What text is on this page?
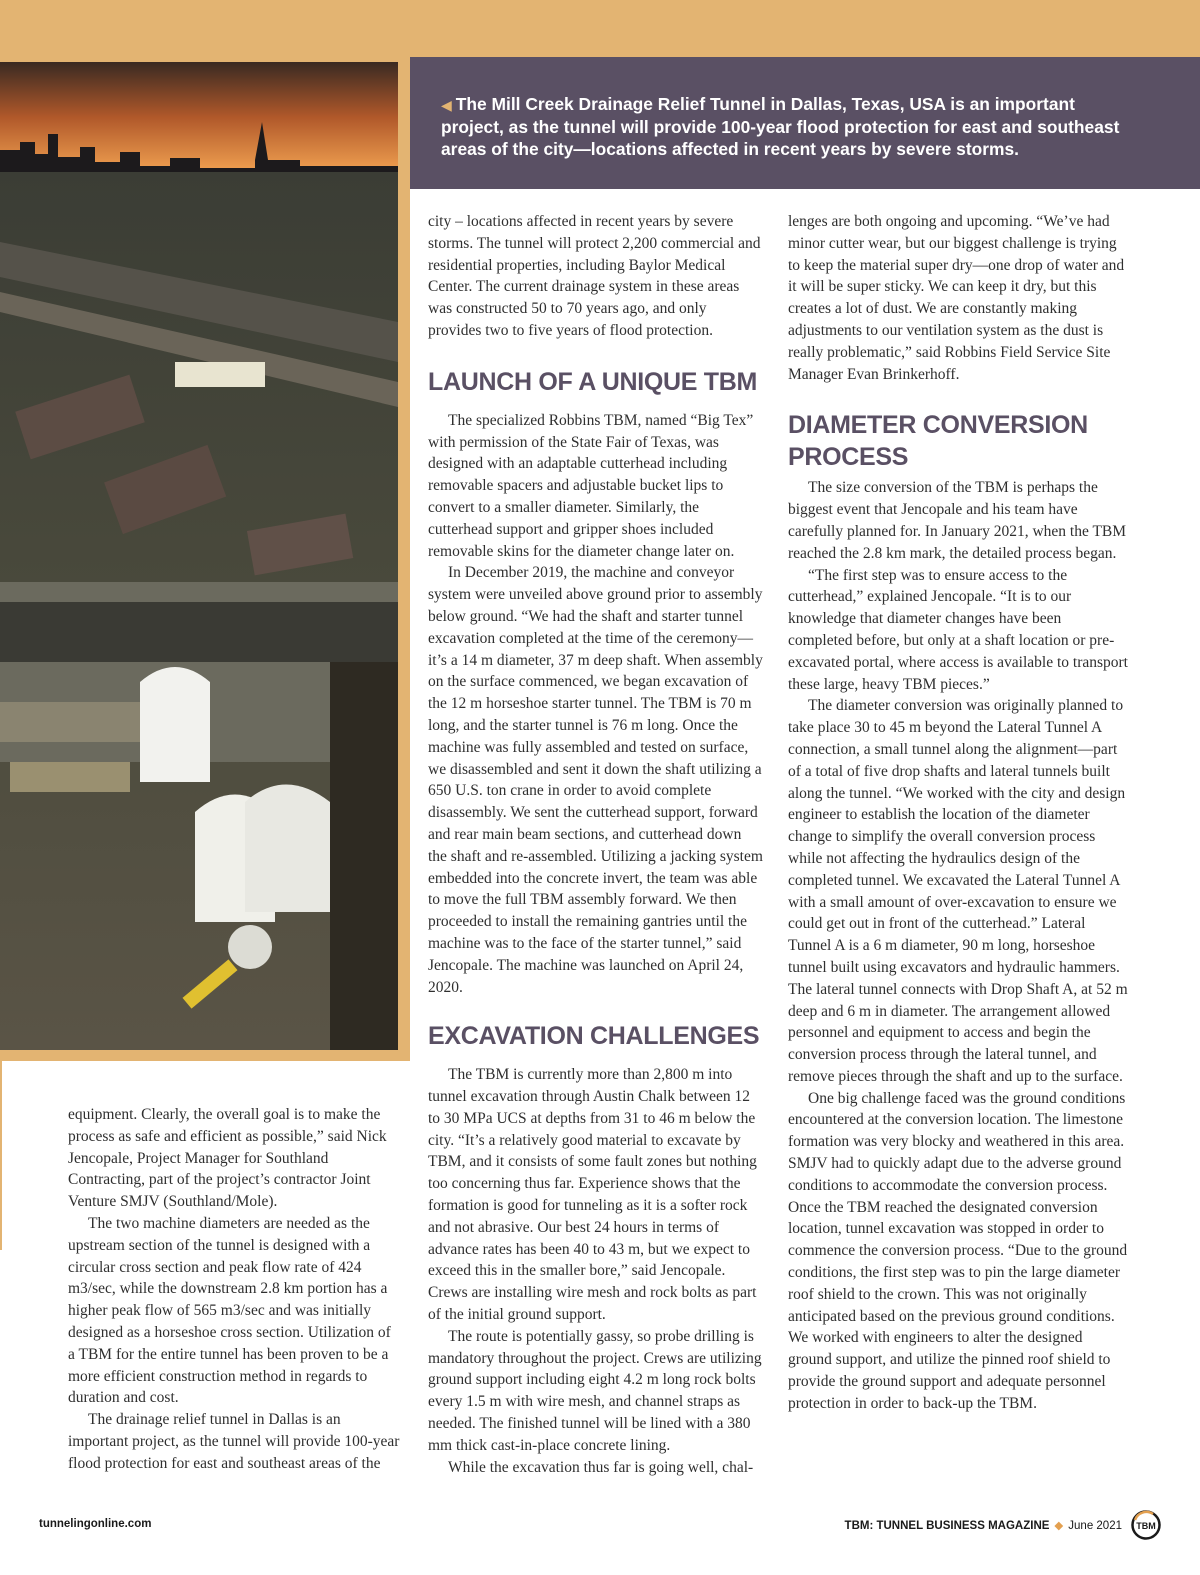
◀ The Mill Creek Drainage Relief Tunnel in Dallas, Texas, USA is an important project, as the tunnel will provide 100-year flood protection for east and southeast areas of the city—locations affected in recent years by severe storms.

equipment. Clearly, the overall goal is to make the process as safe and efficient as possible,” said Nick Jencopale, Project Manager for Southland Contracting, part of the project’s contractor Joint Venture SMJV (Southland/Mole).

The two machine diameters are needed as the upstream section of the tunnel is designed with a circular cross section and peak flow rate of 424 m3/sec, while the downstream 2.8 km portion has a higher peak flow of 565 m3/sec and was initially designed as a horseshoe cross section. Utilization of a TBM for the entire tunnel has been proven to be a more efficient construction method in regards to duration and cost.

The drainage relief tunnel in Dallas is an important project, as the tunnel will provide 100-year flood protection for east and southeast areas of the

city – locations affected in recent years by severe storms. The tunnel will protect 2,200 commercial and residential properties, including Baylor Medical Center. The current drainage system in these areas was constructed 50 to 70 years ago, and only provides two to five years of flood protection.

LAUNCH OF A UNIQUE TBM

The specialized Robbins TBM, named “Big Tex” with permission of the State Fair of Texas, was designed with an adaptable cutterhead including removable spacers and adjustable bucket lips to convert to a smaller diameter. Similarly, the cutterhead support and gripper shoes included removable skins for the diameter change later on.

In December 2019, the machine and conveyor system were unveiled above ground prior to assembly below ground. “We had the shaft and starter tunnel excavation completed at the time of the ceremony—it’s a 14 m diameter, 37 m deep shaft. When assembly on the surface commenced, we began excavation of the 12 m horseshoe starter tunnel. The TBM is 70 m long, and the starter tunnel is 76 m long. Once the machine was fully assembled and tested on surface, we disassembled and sent it down the shaft utilizing a 650 U.S. ton crane in order to avoid complete disassembly. We sent the cutterhead support, forward and rear main beam sections, and cutterhead down the shaft and re-assembled. Utilizing a jacking system embedded into the concrete invert, the team was able to move the full TBM assembly forward. We then proceeded to install the remaining gantries until the machine was to the face of the starter tunnel,” said Jencopale. The machine was launched on April 24, 2020.

EXCAVATION CHALLENGES

The TBM is currently more than 2,800 m into tunnel excavation through Austin Chalk between 12 to 30 MPa UCS at depths from 31 to 46 m below the city. “It’s a relatively good material to excavate by TBM, and it consists of some fault zones but nothing too concerning thus far. Experience shows that the formation is good for tunneling as it is a softer rock and not abrasive. Our best 24 hours in terms of advance rates has been 40 to 43 m, but we expect to exceed this in the smaller bore,” said Jencopale. Crews are installing wire mesh and rock bolts as part of the initial ground support.

The route is potentially gassy, so probe drilling is mandatory throughout the project. Crews are utilizing ground support including eight 4.2 m long rock bolts every 1.5 m with wire mesh, and channel straps as needed. The finished tunnel will be lined with a 380 mm thick cast-in-place concrete lining.

While the excavation thus far is going well, chal-

lenges are both ongoing and upcoming. “We’ve had minor cutter wear, but our biggest challenge is trying to keep the material super dry—one drop of water and it will be super sticky. We can keep it dry, but this creates a lot of dust. We are constantly making adjustments to our ventilation system as the dust is really problematic,” said Robbins Field Service Site Manager Evan Brinkerhoff.

DIAMETER CONVERSION PROCESS

The size conversion of the TBM is perhaps the biggest event that Jencopale and his team have carefully planned for. In January 2021, when the TBM reached the 2.8 km mark, the detailed process began.

“The first step was to ensure access to the cutterhead,” explained Jencopale. “It is to our knowledge that diameter changes have been completed before, but only at a shaft location or pre-excavated portal, where access is available to transport these large, heavy TBM pieces.”

The diameter conversion was originally planned to take place 30 to 45 m beyond the Lateral Tunnel A connection, a small tunnel along the alignment—part of a total of five drop shafts and lateral tunnels built along the tunnel. “We worked with the city and design engineer to establish the location of the diameter change to simplify the overall conversion process while not affecting the hydraulics design of the completed tunnel. We excavated the Lateral Tunnel A with a small amount of over-excavation to ensure we could get out in front of the cutterhead.” Lateral Tunnel A is a 6 m diameter, 90 m long, horseshoe tunnel built using excavators and hydraulic hammers. The lateral tunnel connects with Drop Shaft A, at 52 m deep and 6 m in diameter. The arrangement allowed personnel and equipment to access and begin the conversion process through the lateral tunnel, and remove pieces through the shaft and up to the surface.

One big challenge faced was the ground conditions encountered at the conversion location. The limestone formation was very blocky and weathered in this area. SMJV had to quickly adapt due to the adverse ground conditions to accommodate the conversion process. Once the TBM reached the designated conversion location, tunnel excavation was stopped in order to commence the conversion process. “Due to the ground conditions, the first step was to pin the large diameter roof shield to the crown. This was not originally anticipated based on the previous ground conditions. We worked with engineers to alter the designed ground support, and utilize the pinned roof shield to provide the ground support and adequate personnel protection in order to back-up the TBM.

tunnelingonline.com	TBM: TUNNEL BUSINESS MAGAZINE ◆ June 2021 TBM
